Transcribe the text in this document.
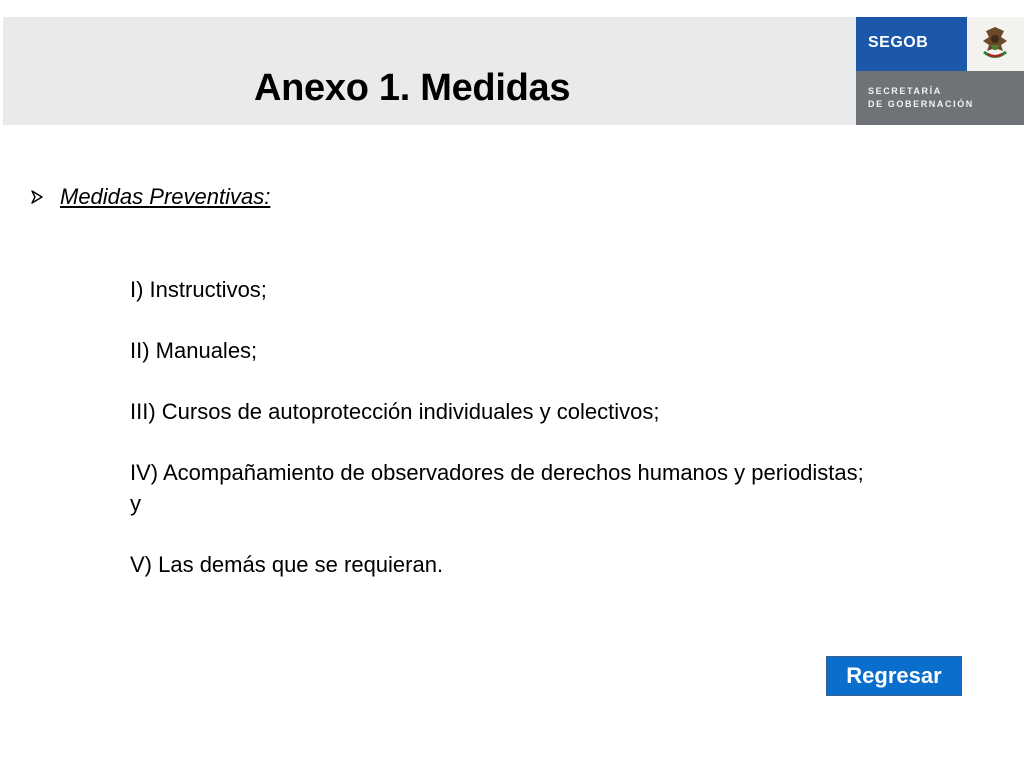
Anexo 1. Medidas
SEGOB
SECRETARÍA
DE GOBERNACIÓN
Medidas Preventivas:
I) Instructivos;
II) Manuales;
III) Cursos de autoprotección individuales y colectivos;
IV) Acompañamiento de observadores de derechos humanos y periodistas; y
V) Las demás que se requieran.
Regresar
